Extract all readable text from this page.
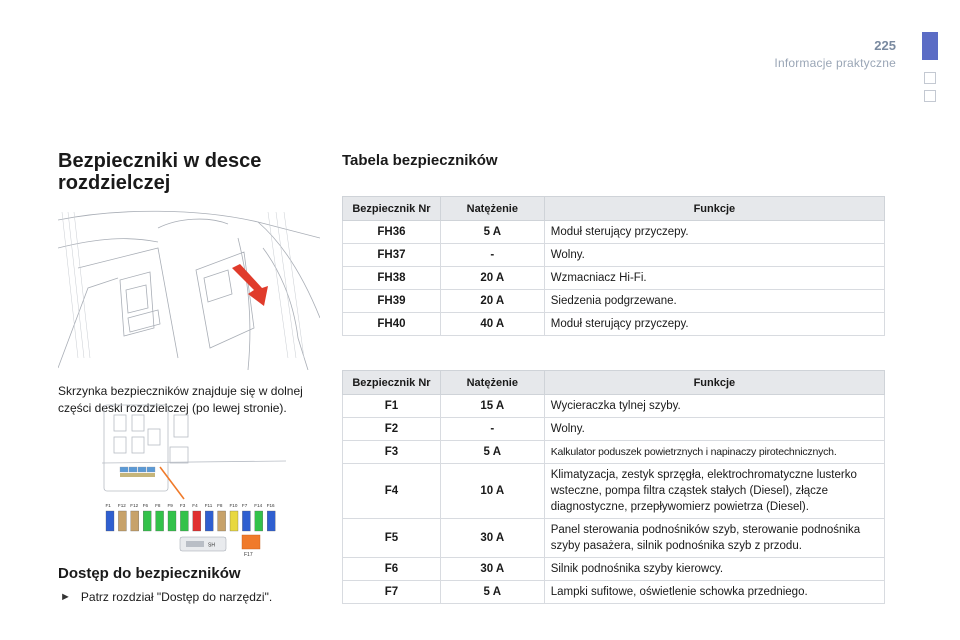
225
Informacje praktyczne
Bezpieczniki w desce
rozdzielczej
Skrzynka bezpieczników znajduje się w dolnej części deski rozdzielczej (po lewej stronie).
F1 F12 F12 F6 F8 F9 F3 F4 F11 F8 F10 F7 F14 F16
SH
F17
Dostęp do bezpieczników
► Patrz rozdział "Dostęp do narzędzi".
Tabela bezpieczników
Bezpiecznik Nr	Natężenie	Funkcje
FH36	5 A	Moduł sterujący przyczepy.
FH37	-	Wolny.
FH38	20 A	Wzmacniacz Hi-Fi.
FH39	20 A	Siedzenia podgrzewane.
FH40	40 A	Moduł sterujący przyczepy.
Bezpiecznik Nr	Natężenie	Funkcje
F1	15 A	Wycieraczka tylnej szyby.
F2	-	Wolny.
F3	5 A	Kalkulator poduszek powietrznych i napinaczy pirotechnicznych.
F4	10 A	Klimatyzacja, zestyk sprzęgła, elektrochromatyczne lusterko wsteczne, pompa filtra cząstek stałych (Diesel), złącze diagnostyczne, przepływomierz powietrza (Diesel).
F5	30 A	Panel sterowania podnośników szyb, sterowanie podnośnika szyby pasażera, silnik podnośnika szyb z przodu.
F6	30 A	Silnik podnośnika szyby kierowcy.
F7	5 A	Lampki sufitowe, oświetlenie schowka przedniego.
